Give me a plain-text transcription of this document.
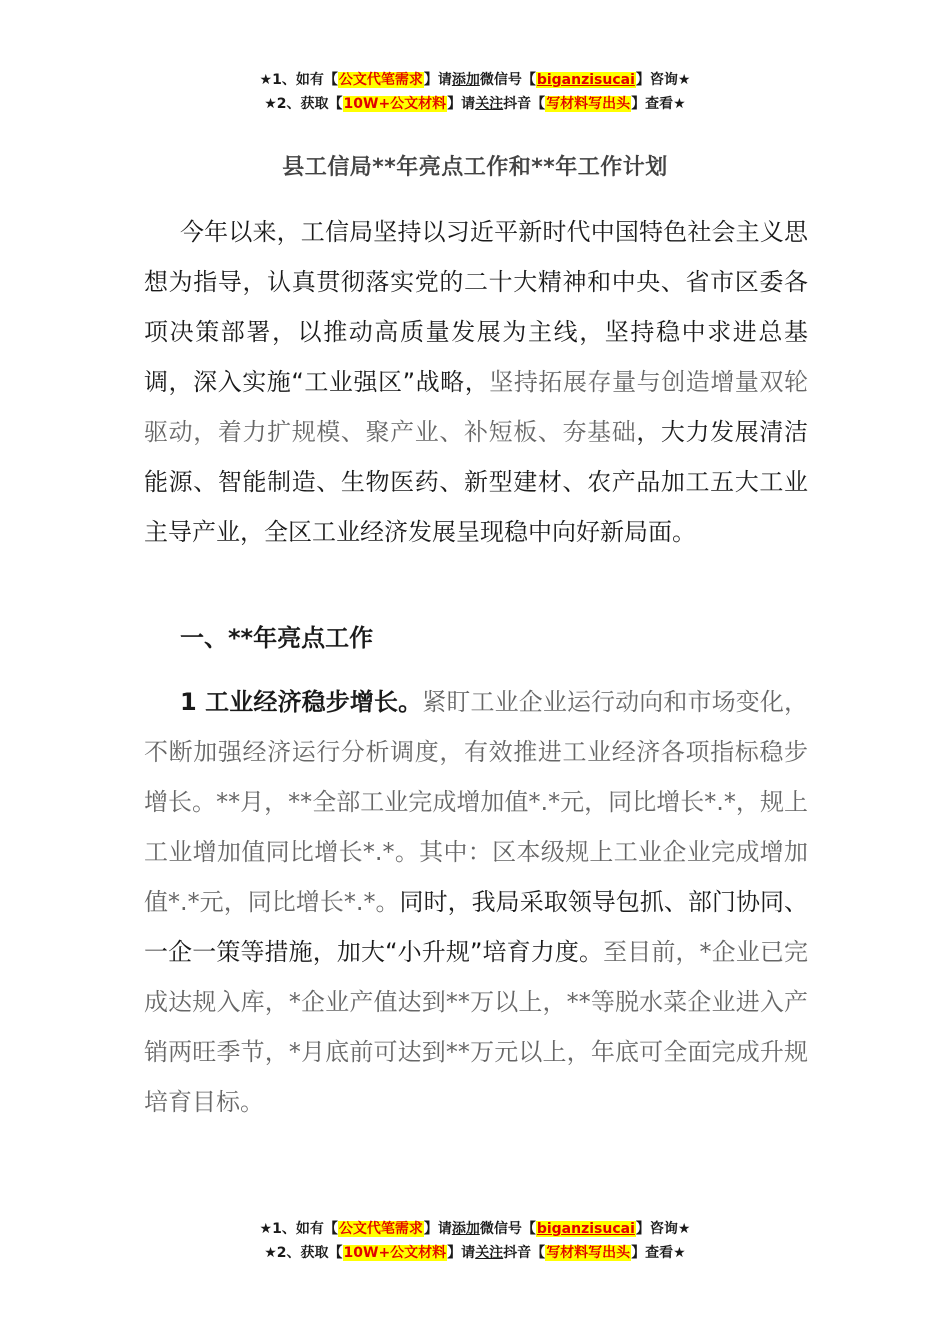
★1、如有【公文代笔需求】请添加微信号【biganzisucai】咨询★
★2、获取【10W+公文材料】请关注抖音【写材料写出头】查看★
县工信局**年亮点工作和**年工作计划
今年以来，工信局坚持以习近平新时代中国特色社会主义思想为指导，认真贯彻落实党的二十大精神和中央、省市区委各项决策部署，以推动高质量发展为主线，坚持稳中求进总基调，深入实施“工业强区”战略，坚持拓展存量与创造增量双轮驱动，着力扩规模、聚产业、补短板、夯基础，大力发展清洁能源、智能制造、生物医药、新型建材、农产品加工五大工业主导产业，全区工业经济发展呈现稳中向好新局面。
一、**年亮点工作
1 工业经济稳步增长。紧盯工业企业运行动向和市场变化，不断加强经济运行分析调度，有效推进工业经济各项指标稳步增长。**月，**全部工业完成增加值*.*元，同比增长*.*，规上工业增加值同比增长*.*。其中：区本级规上工业企业完成增加值*.*元，同比增长*.*。同时，我局采取领导包抓、部门协同、一企一策等措施，加大“小升规”培育力度。至目前，*企业已完成达规入库，*企业产值达到**万以上，**等脱水菜企业进入产销两旺季节，*月底前可达到**万元以上，年底可全面完成升规培育目标。
★1、如有【公文代笔需求】请添加微信号【biganzisucai】咨询★
★2、获取【10W+公文材料】请关注抖音【写材料写出头】查看★
